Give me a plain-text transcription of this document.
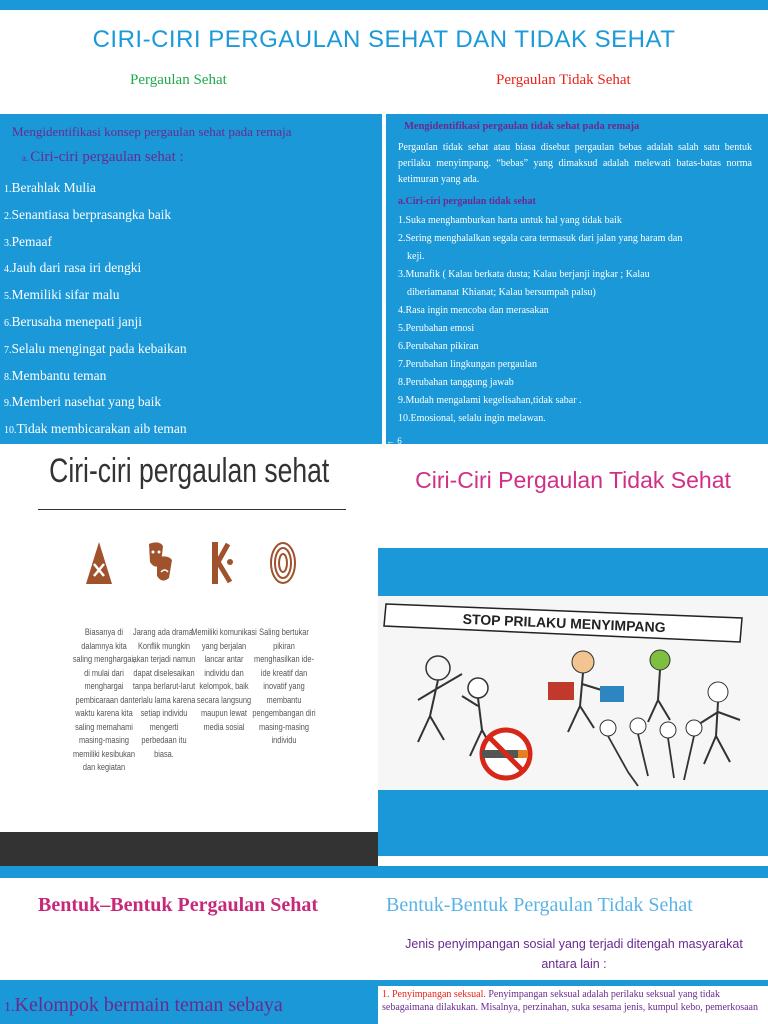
CIRI-CIRI PERGAULAN SEHAT DAN TIDAK SEHAT
Pergaulan Sehat	Pergaulan Tidak Sehat
Mengidentifikasi konsep pergaulan sehat pada remaja
a. Ciri-ciri pergaulan sehat :
1.Berahlak Mulia
2.Senantiasa berprasangka baik
3.Pemaaf
4.Jauh dari rasa iri dengki
5.Memiliki sifar malu
6.Berusaha menepati janji
7.Selalu mengingat pada kebaikan
8.Membantu teman
9.Memberi nasehat yang baik
10.Tidak membicarakan aib teman
Mengidentifikasi pergaulan tidak sehat pada remaja
Pergaulan tidak sehat atau biasa disebut pergaulan bebas adalah salah satu bentuk perilaku menyimpang. “bebas” yang dimaksud adalah melewati batas-batas norma ketimuran yang ada.
a.Ciri-ciri pergaulan tidak sehat
1.Suka menghamburkan harta untuk hal yang tidak baik
2.Sering menghalalkan segala cara termasuk dari jalan yang haram dan
keji.
3.Munafik ( Kalau berkata dusta; Kalau berjanji ingkar ; Kalau
diberiamanat Khianat; Kalau bersumpah palsu)
4.Rasa ingin mencoba dan merasakan
5.Perubahan emosi
6.Perubahan pikiran
7.Perubahan lingkungan pergaulan
8.Perubahan tanggung jawab
9.Mudah mengalami kegelisahan,tidak sabar .
10.Emosional, selalu ingin melawan.
← 6
Ciri-ciri pergaulan sehat
Biasanya di dalamnya kita saling menghargai, di mulai dari menghargai pembicaraan dan waktu karena kita saling memahami masing-masing memiliki kesibukan dan kegiatan
Jarang ada drama. Konflik mungkin akan terjadi namun dapat diselesaikan tanpa berlarut-larut terlalu lama karena setiap individu mengerti perbedaan itu biasa.
Memiliki komunikasi yang berjalan lancar antar individu dan kelompok, baik secara langsung maupun lewat media sosial
Saling bertukar pikiran menghasilkan ide-ide kreatif dan inovatif yang membantu pengembangan diri masing-masing individu
Ciri-Ciri Pergaulan Tidak Sehat
STOP PRILAKU MENYIMPANG
Bentuk–Bentuk Pergaulan Sehat	Bentuk-Bentuk Pergaulan Tidak Sehat
Jenis penyimpangan sosial yang terjadi ditengah masyarakat antara lain :
1.Kelompok bermain teman sebaya	1. Penyimpangan seksual. Penyimpangan seksual adalah perilaku seksual yang tidak sebagaimana dilakukan. Misalnya, perzinahan, suka sesama jenis, kumpul kebo, pemerkosaan
